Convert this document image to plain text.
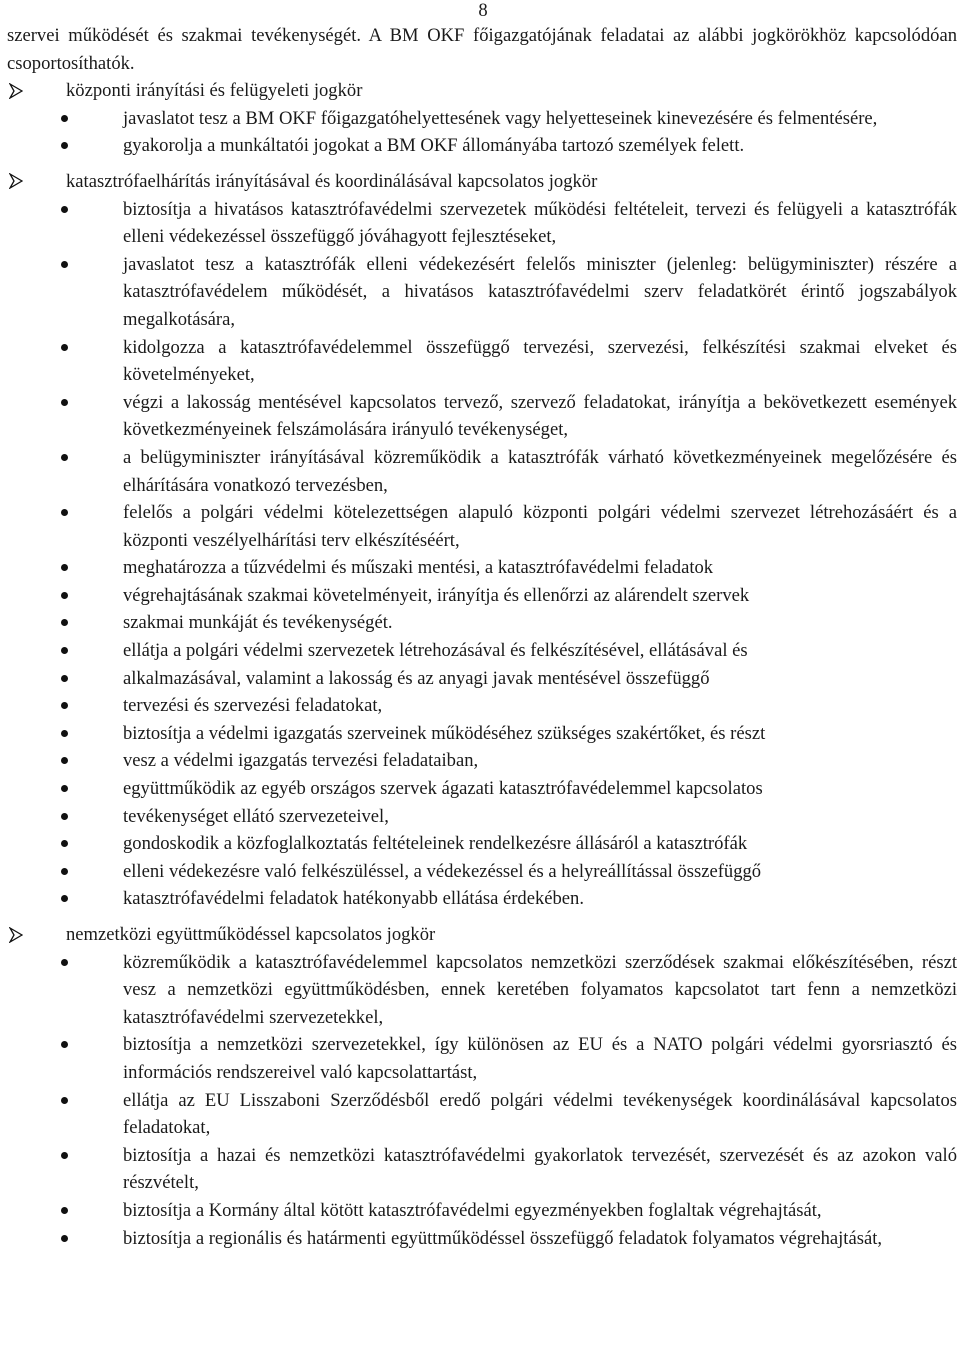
8

szervei működését és szakmai tevékenységét. A BM OKF főigazgatójának feladatai az alábbi jogkörökhöz kapcsolódóan csoportosíthatók.

központi irányítási és felügyeleti jogkör
javaslatot tesz a BM OKF főigazgatóhelyettesének vagy helyetteseinek kinevezésére és felmentésére,
gyakorolja a munkáltatói jogokat a BM OKF állományába tartozó személyek felett.
katasztrófaelhárítás irányításával és koordinálásával kapcsolatos jogkör
biztosítja a hivatásos katasztrófavédelmi szervezetek működési feltételeit, tervezi és felügyeli a katasztrófák elleni védekezéssel összefüggő jóváhagyott fejlesztéseket,
javaslatot tesz a katasztrófák elleni védekezésért felelős miniszter (jelenleg: belügyminiszter) részére a katasztrófavédelem működését, a hivatásos katasztrófavédelmi szerv feladatkörét érintő jogszabályok megalkotására,
kidolgozza a katasztrófavédelemmel összefüggő tervezési, szervezési, felkészítési szakmai elveket és követelményeket,
végzi a lakosság mentésével kapcsolatos tervező, szervező feladatokat, irányítja a bekövetkezett események következményeinek felszámolására irányuló tevékenységet,
a belügyminiszter irányításával közreműködik a katasztrófák várható következményeinek megelőzésére és elhárítására vonatkozó tervezésben,
felelős a polgári védelmi kötelezettségen alapuló központi polgári védelmi szervezet létrehozásáért és a központi veszélyelhárítási terv elkészítéséért,
meghatározza a tűzvédelmi és műszaki mentési, a katasztrófavédelmi feladatok
végrehajtásának szakmai követelményeit, irányítja és ellenőrzi az alárendelt szervek
szakmai munkáját és tevékenységét.
ellátja a polgári védelmi szervezetek létrehozásával és felkészítésével, ellátásával és
alkalmazásával, valamint a lakosság és az anyagi javak mentésével összefüggő
tervezési és szervezési feladatokat,
biztosítja a védelmi igazgatás szerveinek működéséhez szükséges szakértőket, és részt
vesz a védelmi igazgatás tervezési feladataiban,
együttműködik az egyéb országos szervek ágazati katasztrófavédelemmel kapcsolatos
tevékenységet ellátó szervezeteivel,
gondoskodik a közfoglalkoztatás feltételeinek rendelkezésre állásáról a katasztrófák
elleni védekezésre való felkészüléssel, a védekezéssel és a helyreállítással összefüggő
katasztrófavédelmi feladatok hatékonyabb ellátása érdekében.
nemzetközi együttműködéssel kapcsolatos jogkör
közreműködik a katasztrófavédelemmel kapcsolatos nemzetközi szerződések szakmai előkészítésében, részt vesz a nemzetközi együttműködésben, ennek keretében folyamatos kapcsolatot tart fenn a nemzetközi katasztrófavédelmi szervezetekkel,
biztosítja a nemzetközi szervezetekkel, így különösen az EU és a NATO polgári védelmi gyorsriasztó és információs rendszereivel való kapcsolattartást,
ellátja az EU Lisszaboni Szerződésből eredő polgári védelmi tevékenységek koordinálásával kapcsolatos feladatokat,
biztosítja a hazai és nemzetközi katasztrófavédelmi gyakorlatok tervezését, szervezését és az azokon való részvételt,
biztosítja a Kormány által kötött katasztrófavédelmi egyezményekben foglaltak végrehajtását,
biztosítja a regionális és határmenti együttműködéssel összefüggő feladatok folyamatos végrehajtását,
